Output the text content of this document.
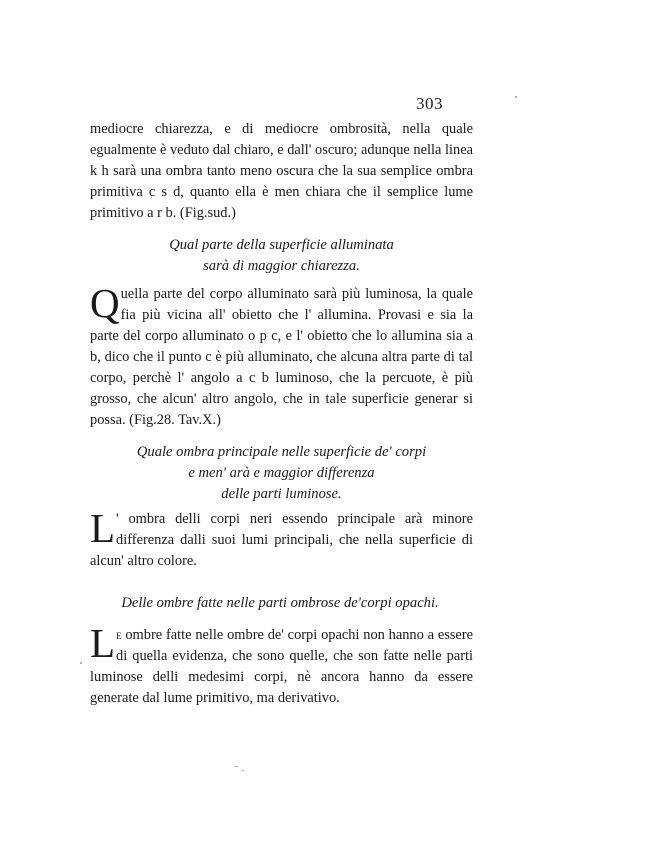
303

mediocre chiarezza, e di mediocre ombrosità, nella quale egualmente è veduto dal chiaro, e dall' oscuro; adunque nella linea k h sarà una ombra tanto meno oscura che la sua semplice ombra primitiva c s d, quanto ella è men chiara che il semplice lume primitivo a r b. (Fig.sud.)

Qual parte della superficie alluminata
sarà di maggior chiarezza.

Quella parte del corpo alluminato sarà più luminosa, la quale fia più vicina all' obietto che l' allumina. Provasi e sia la parte del corpo alluminato o p c, e l' obietto che lo allumina sia a b, dico che il punto c è più alluminato, che alcuna altra parte di tal corpo, perchè l' angolo a c b luminoso, che la percuote, è più grosso, che alcun' altro angolo, che in tale superficie generar si possa. (Fig.28. Tav.X.)

Quale ombra principale nelle superficie de' corpi
e men' arà e maggior differenza
delle parti luminose.

L ' ombra delli corpi neri essendo principale arà minore differenza dalli suoi lumi principali, che nella superficie di alcun' altro colore.

Delle ombre fatte nelle parti ombrose de'corpi opachi.

Le ombre fatte nelle ombre de' corpi opachi non hanno a essere di quella evidenza, che sono quelle, che son fatte nelle parti luminose delli medesimi corpi, nè ancora hanno da essere generate dal lume primitivo, ma derivativo.
